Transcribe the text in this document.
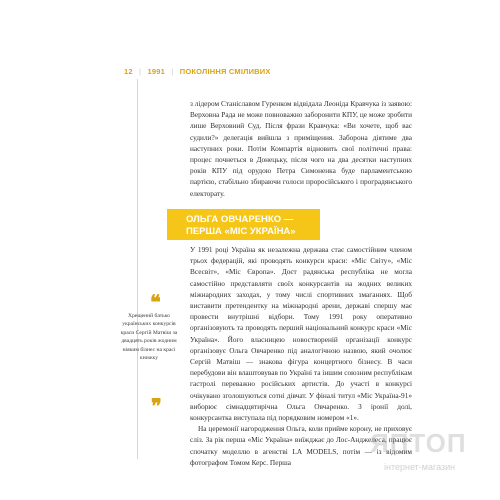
12 | 1991 | ПОКОЛІННЯ СМІЛИВИХ

з лідером Станіславом Гуренком відвідала Леоніда Кравчука із заявою: Верховна Рада не може повноважно заборонити КПУ, це може зробити лише Верховний Суд. Після фрази Кравчука: «Ви хочете, щоб вас судили?» делегація вийшла з приміщення. Заборона діятиме два наступних роки. Потім Компартія відновить свої політичні права: процес почнеться в Донецьку, після чого на два десятки наступних років КПУ під орудою Петра Симоненка буде парламентською партією, стабільно збираючи голоси проросійського і проградянського електорату.

ОЛЬГА ОВЧАРЕНКО —
ПЕРША «МІС УКРАЇНА»

У 1991 році Україна як незалежна держава стає самостійним членом трьох федерацій, які проводять конкурси краси: «Міс Світу», «Міс Всесвіт», «Міс Європа». Доєт радянська республіка не могла самостійно представляти своїх конкурсантів на жодних великих міжнародних заходах, у тому числі спортивних змаганнях. Щоб виставити претендентку на міжнародні арени, державі спершу має провести внутрішні відбори. Тому 1991 року оперативно організовують та проводять перший національний конкурс краси «Міс Україна». Його власницею новоствореній організації конкурс організовує Ольга Овчаренко під аналогічною назвою, який очолює Сергій Матвіш — знакова фігура концертного бізнесу. В часи перебудови він влаштовував по Україні та іншим союзним республікам гастролі переважно російських артистів. До участі в конкурсі очікувано зголошуються сотні дівчат. У фіналі титул «Міс Україна-91» виборює сімнадцятирічна Ольга Овчаренко. З іронії долі, конкурсантка виступала під порядковим номером «1».

На церемонії нагородження Ольга, коли прийме корону, не приховує сліз. За рік перша «Міс Україна» виїжджає до Лос-Анджелеса, працює спочатку моделлю в агенстві LA MODELS, потім — із відомим фотографом Томом Керс. Перша

❝
Хрещений батько українських конкурсів краси Сергій Матвіш за двадцять років жодним ніяким бізнес на красі книжку
❞
ЯПТОП
інтернет-магазин
